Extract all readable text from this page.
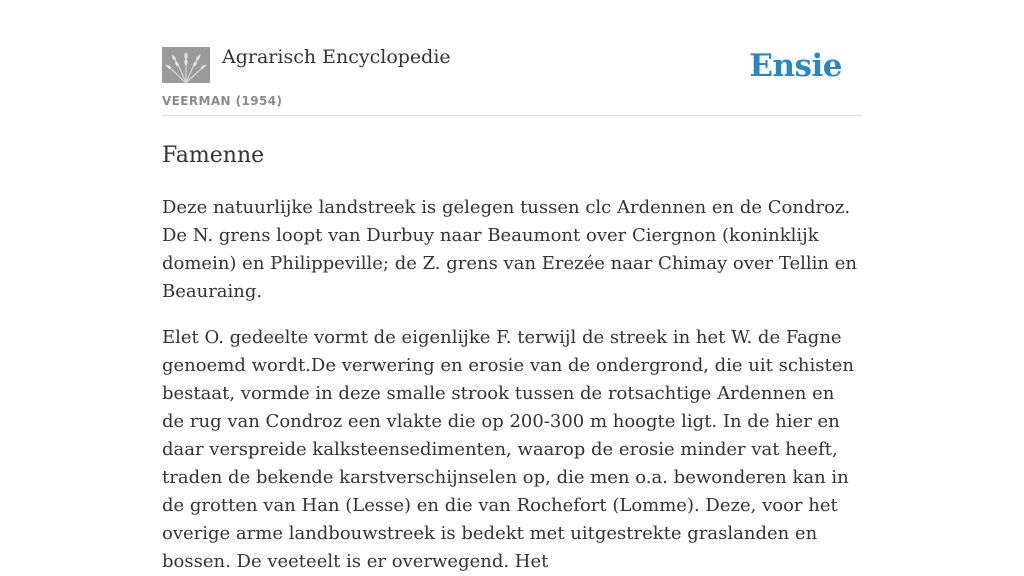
Agrarisch Encyclopedie	Ensie
VEERMAN (1954)
Famenne

Deze natuurlijke landstreek is gelegen tussen clc Ardennen en de Condroz. De N. grens loopt van Durbuy naar Beaumont over Ciergnon (koninklijk domein) en Philippeville; de Z. grens van Erezée naar Chimay over Tellin en Beauraing.

Elet O. gedeelte vormt de eigenlijke F. terwijl de streek in het W. de Fagne genoemd wordt.De verwering en erosie van de ondergrond, die uit schisten bestaat, vormde in deze smalle strook tussen de rotsachtige Ardennen en de rug van Condroz een vlakte die op 200-300 m hoogte ligt. In de hier en daar verspreide kalksteensedimenten, waarop de erosie minder vat heeft, traden de bekende karstverschijnselen op, die men o.a. bewonderen kan in de grotten van Han (Lesse) en die van Rochefort (Lomme). Deze, voor het overige arme landbouwstreek is bedekt met uitgestrekte graslanden en bossen. De veeteelt is er overwegend. Het
